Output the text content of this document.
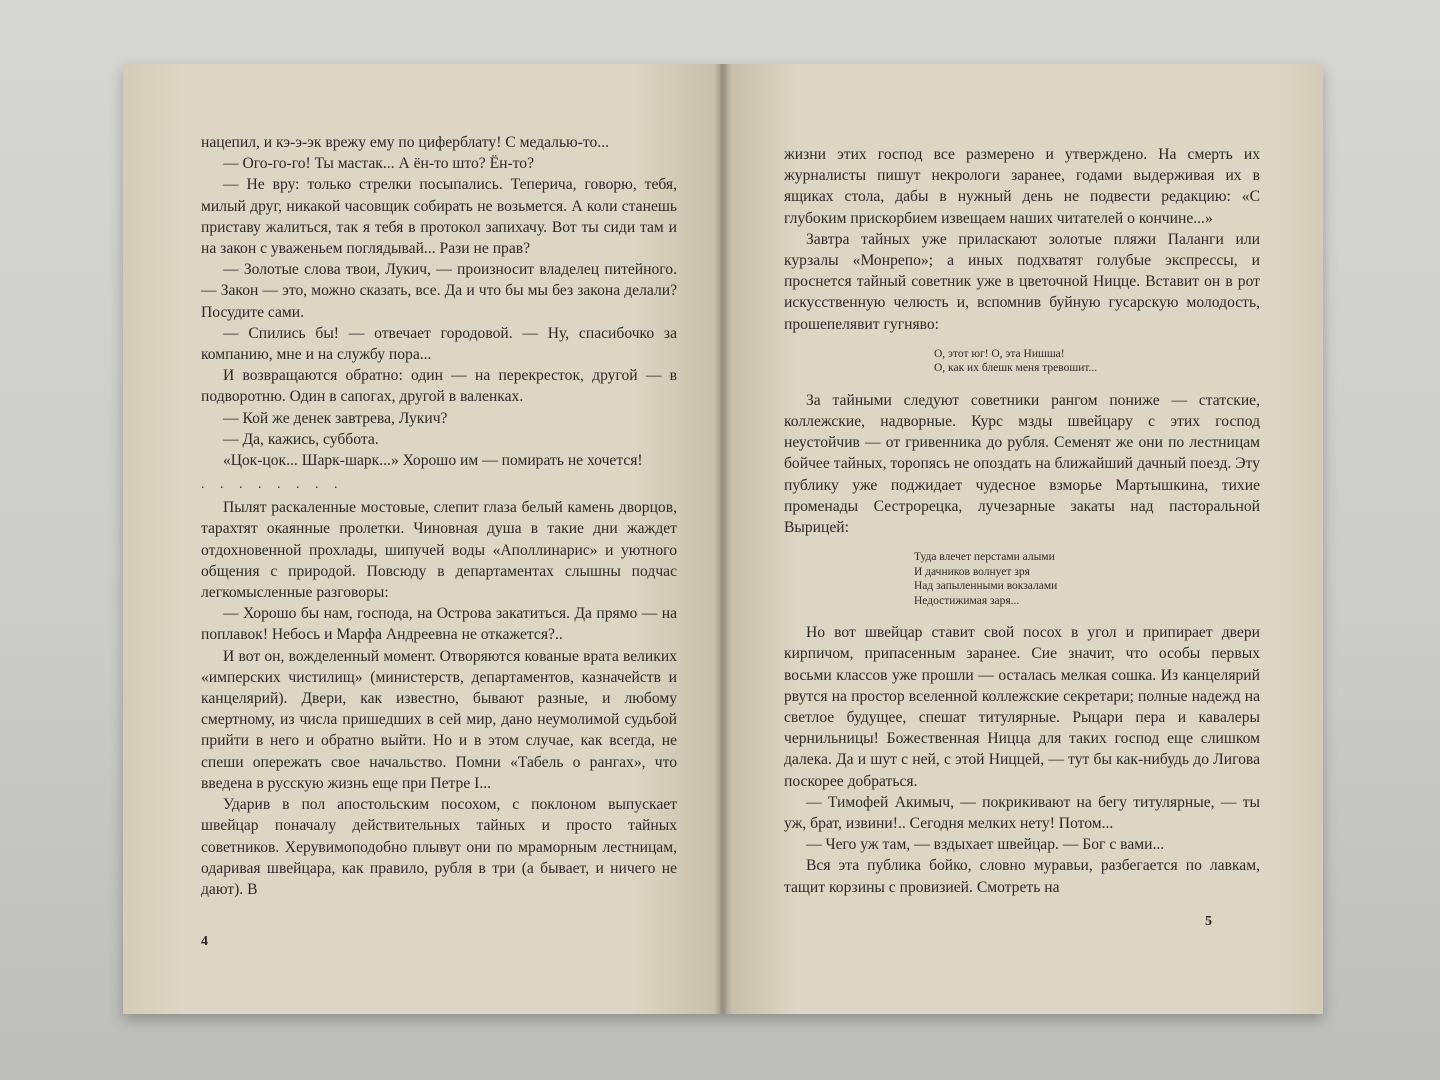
нацепил, и кэ-э-эк врежу ему по циферблату! С медалью-то...

— Ого-го-го! Ты мастак... А ён-то што? Ён-то?

— Не вру: только стрелки посыпались. Теперича, говорю, тебя, милый друг, никакой часовщик собирать не возьмется. А коли станешь приставу жалиться, так я тебя в протокол запихачу. Вот ты сиди там и на закон с уваженьем поглядывай... Рази не прав?

— Золотые слова твои, Лукич, — произносит владелец питейного. — Закон — это, можно сказать, все. Да и что бы мы без закона делали? Посудите сами.

— Спились бы! — отвечает городовой. — Ну, спасибочко за компанию, мне и на службу пора...

И возвращаются обратно: один — на перекресток, другой — в подворотню. Один в сапогах, другой в валенках.

— Кой же денек завтрева, Лукич?

— Да, кажись, суббота.

«Цок-цок... Шарк-шарк...» Хорошо им — помирать не хочется!

. . . . . . . .

Пылят раскаленные мостовые, слепит глаза белый камень дворцов, тарахтят окаянные пролетки. Чиновная душа в такие дни жаждет отдохновенной прохлады, шипучей воды «Аполлинарис» и уютного общения с природой. Повсюду в департаментах слышны подчас легкомысленные разговоры:

— Хорошо бы нам, господа, на Острова закатиться. Да прямо — на поплавок! Небось и Марфа Андреевна не откажется?..

И вот он, вожделенный момент. Отворяются кованые врата великих «имперских чистилищ» (министерств, департаментов, казначейств и канцелярий). Двери, как известно, бывают разные, и любому смертному, из числа пришедших в сей мир, дано неумолимой судьбой прийти в него и обратно выйти. Но и в этом случае, как всегда, не спеши опережать свое начальство. Помни «Табель о рангах», что введена в русскую жизнь еще при Петре I...

Ударив в пол апостольским посохом, с поклоном выпускает швейцар поначалу действительных тайных и просто тайных советников. Херувимоподобно плывут они по мраморным лестницам, одаривая швейцара, как правило, рубля в три (а бывает, и ничего не дают). В

4

жизни этих господ все размерено и утверждено. На смерть их журналисты пишут некрологи заранее, годами выдерживая их в ящиках стола, дабы в нужный день не подвести редакцию: «С глубоким прискорбием извещаем наших читателей о кончине...»

Завтра тайных уже приласкают золотые пляжи Паланги или курзалы «Монрепо»; а иных подхватят голубые экспрессы, и проснется тайный советник уже в цветочной Ницце. Вставит он в рот искусственную челюсть и, вспомнив буйную гусарскую молодость, прошепелявит гугняво:

О, этот юг! О, эта Нишша!
О, как их блешк меня тревошит...

За тайными следуют советники рангом пониже — статские, коллежские, надворные. Курс мзды швейцару с этих господ неустойчив — от гривенника до рубля. Семенят же они по лестницам бойчее тайных, торопясь не опоздать на ближайший дачный поезд. Эту публику уже поджидает чудесное взморье Мартышкина, тихие променады Сестрорецка, лучезарные закаты над пасторальной Вырицей:

Туда влечет перстами алыми
И дачников волнует зря
Над запыленными вокзалами
Недостижимая заря...

Но вот швейцар ставит свой посох в угол и припирает двери кирпичом, припасенным заранее. Сие значит, что особы первых восьми классов уже прошли — осталась мелкая сошка. Из канцелярий рвутся на простор вселенной коллежские секретари; полные надежд на светлое будущее, спешат титулярные. Рыцари пера и кавалеры чернильницы! Божественная Ницца для таких господ еще слишком далека. Да и шут с ней, с этой Ниццей, — тут бы как-нибудь до Лигова поскорее добраться.

— Тимофей Акимыч, — покрикивают на бегу титулярные, — ты уж, брат, извини!.. Сегодня мелких нету! Потом...

— Чего уж там, — вздыхает швейцар. — Бог с вами...

Вся эта публика бойко, словно муравьи, разбегается по лавкам, тащит корзины с провизией. Смотреть на

5
